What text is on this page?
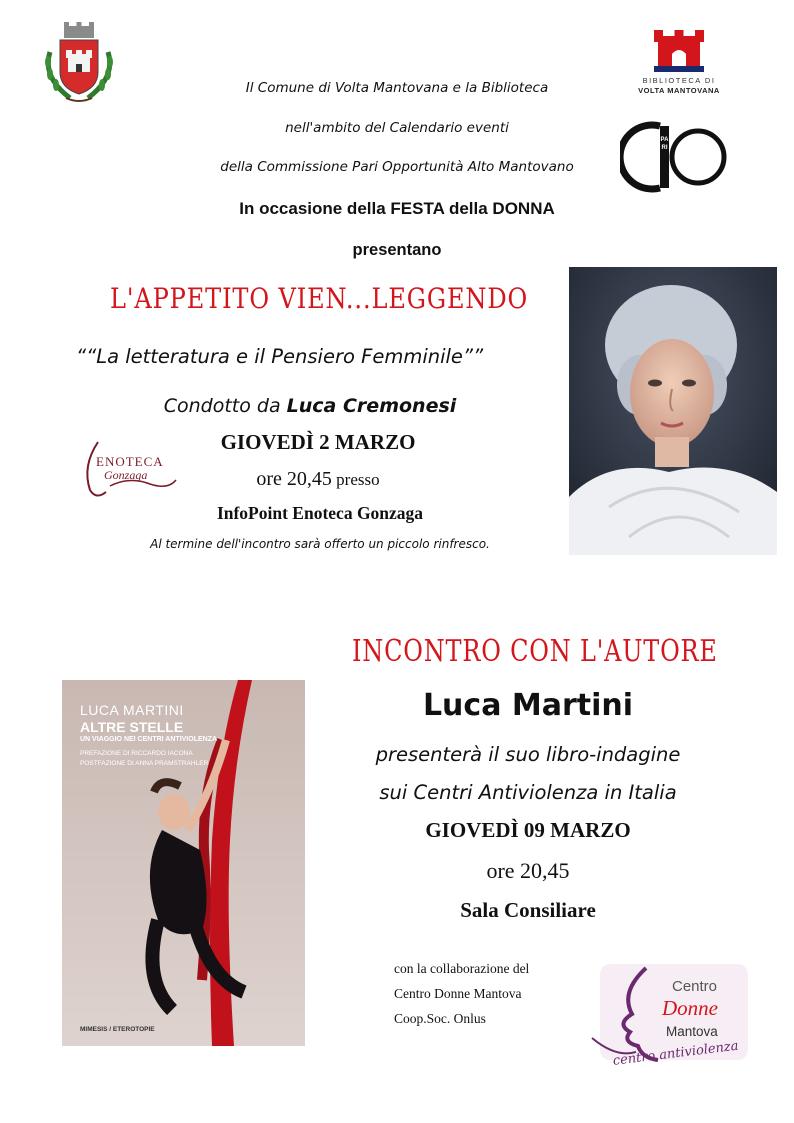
BIBLIOTECA DI
VOLTA MANTOVANA
PARI
Il Comune di Volta Mantovana e la Biblioteca
nell'ambito del Calendario eventi
della Commissione Pari Opportunità Alto Mantovano
In occasione della FESTA della DONNA
presentano
L'APPETITO VIEN...LEGGENDO
““La letteratura e il Pensiero Femminile””
Condotto da Luca Cremonesi
GIOVEDÌ 2 MARZO
ore 20,45 presso
InfoPoint Enoteca Gonzaga
Al termine dell'incontro sarà offerto un piccolo rinfresco.
ENOTECA
Gonzaga
INCONTRO CON L'AUTORE
Luca Martini
presenterà il suo libro-indagine
sui Centri Antiviolenza in Italia
GIOVEDÌ 09 MARZO
ore 20,45
Sala Consiliare
con la collaborazione del
Centro Donne Mantova
Coop.Soc. Onlus
Centro
Donne
Mantova
centro antiviolenza
LUCA MARTINI
ALTRE STELLE
UN VIAGGIO NEI CENTRI ANTIVIOLENZA
PREFAZIONE DI RICCARDO IACONA
POSTFAZIONE DI ANNA PRAMSTRAHLER
MIMESIS / ETEROTOPIE
